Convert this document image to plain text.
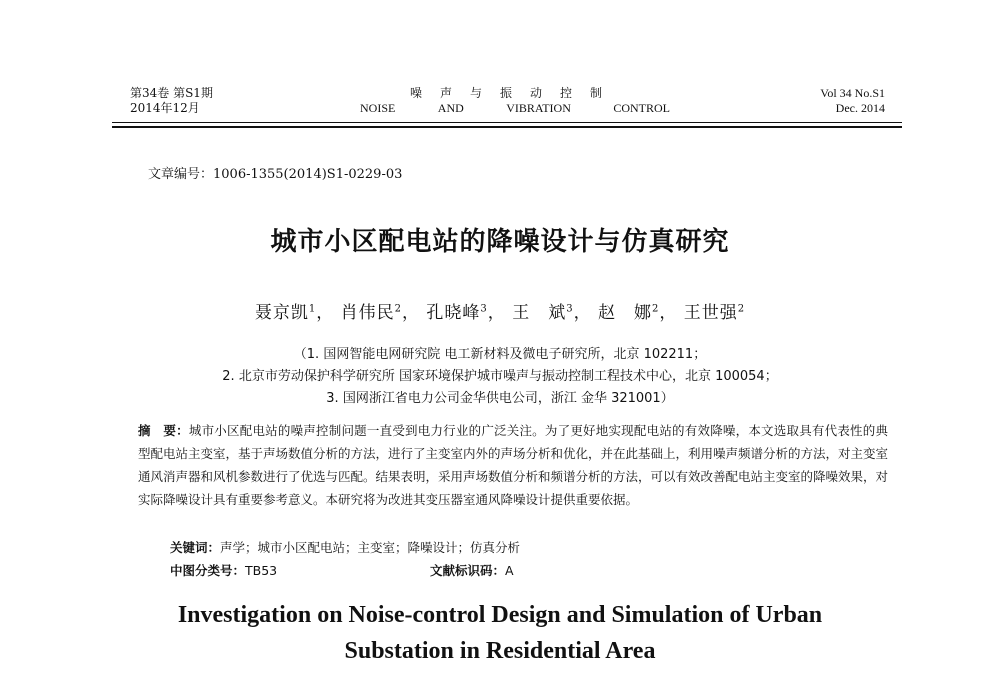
第34卷 第S1期
2014年12月
噪声与振动控制
NOISE	AND	VIBRATION	CONTROL
Vol 34 No.S1
Dec. 2014
文章编号：1006-1355(2014)S1-0229-03
城市小区配电站的降噪设计与仿真研究
聂京凯$^1$， 肖伟民$^2$， 孔晓峰$^3$， 王　斌$^3$， 赵　娜$^2$， 王世强$^2$
（1. 国网智能电网研究院 电工新材料及微电子研究所，北京 102211；
2. 北京市劳动保护科学研究所 国家环境保护城市噪声与振动控制工程技术中心，北京 100054；
3. 国网浙江省电力公司金华供电公司，浙江 金华 321001）
摘　要：城市小区配电站的噪声控制问题一直受到电力行业的广泛关注。为了更好地实现配电站的有效降噪，本文选取具有代表性的典型配电站主变室，基于声场数值分析的方法，进行了主变室内外的声场分析和优化，并在此基础上，利用噪声频谱分析的方法，对主变室通风消声器和风机参数进行了优选与匹配。结果表明，采用声场数值分析和频谱分析的方法，可以有效改善配电站主变室的降噪效果，对实际降噪设计具有重要参考意义。本研究将为改进其变压器室通风降噪设计提供重要依据。
关键词：声学；城市小区配电站；主变室；降噪设计；仿真分析
中图分类号：TB53	文献标识码：A
Investigation on Noise-control Design and Simulation of Urban
Substation in Residential Area
